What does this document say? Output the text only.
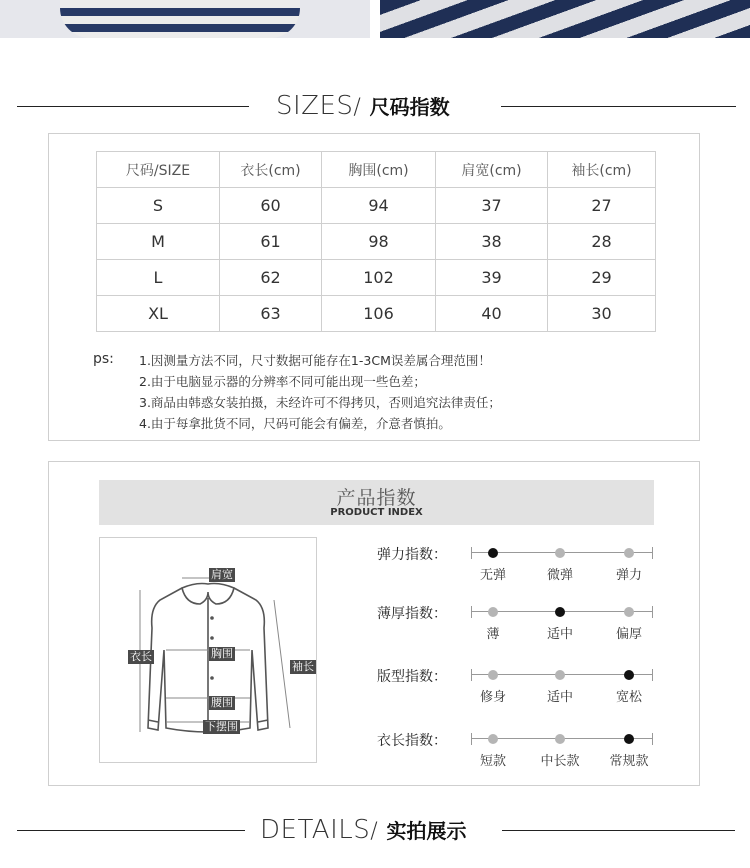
SIZES/ 尺码指数
尺码/SIZE	衣长(cm)	胸围(cm)	肩宽(cm)	袖长(cm)
S	60	94	37	27
M	61	98	38	28
L	62	102	39	29
XL	63	106	40	30
ps: 1.因测量方法不同，尺寸数据可能存在1-3CM误差属合理范围！
2.由于电脑显示器的分辨率不同可能出现一些色差；
3.商品由韩惑女装拍摄，未经许可不得拷贝，否则追究法律责任；
4.由于每拿批货不同，尺码可能会有偏差，介意者慎拍。
产品指数
PRODUCT INDEX
肩宽
衣长	胸围
袖长
腰围
下摆围
弹力指数：
无弹	微弹	弹力
薄厚指数：
薄	适中	偏厚
版型指数：
修身	适中	宽松
衣长指数：
短款	中长款 常规款
DETAILS/ 实拍展示
